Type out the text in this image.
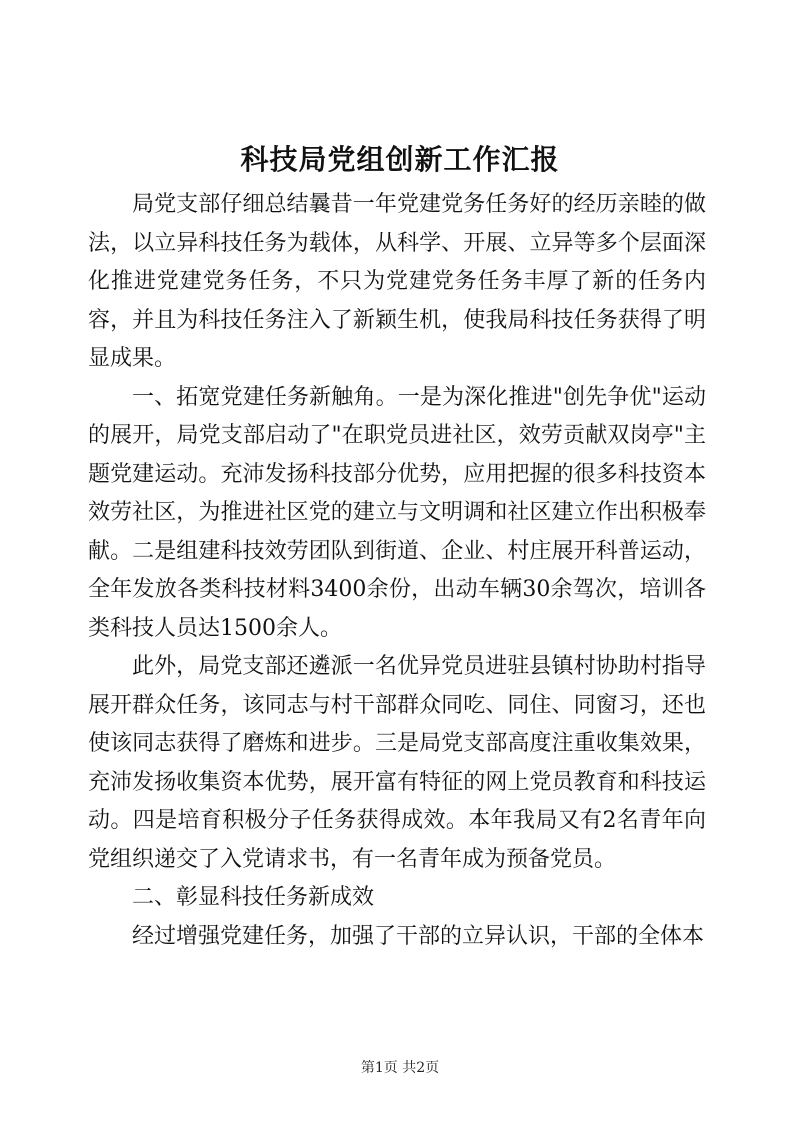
科技局党组创新工作汇报

局党支部仔细总结曩昔一年党建党务任务好的经历亲睦的做法，以立异科技任务为载体，从科学、开展、立异等多个层面深化推进党建党务任务，不只为党建党务任务丰厚了新的任务内容，并且为科技任务注入了新颖生机，使我局科技任务获得了明显成果。

一、拓宽党建任务新触角。一是为深化推进"创先争优"运动的展开，局党支部启动了"在职党员进社区，效劳贡献双岗亭"主题党建运动。充沛发扬科技部分优势，应用把握的很多科技资本效劳社区，为推进社区党的建立与文明调和社区建立作出积极奉献。二是组建科技效劳团队到街道、企业、村庄展开科普运动，全年发放各类科技材料3400余份，出动车辆30余驾次，培训各类科技人员达1500余人。

此外，局党支部还遴派一名优异党员进驻县镇村协助村指导展开群众任务，该同志与村干部群众同吃、同住、同窗习，还也使该同志获得了磨炼和进步。三是局党支部高度注重收集效果，充沛发扬收集资本优势，展开富有特征的网上党员教育和科技运动。四是培育积极分子任务获得成效。本年我局又有2名青年向党组织递交了入党请求书，有一名青年成为预备党员。

二、彰显科技任务新成效

经过增强党建任务，加强了干部的立异认识，干部的全体本

第1页 共2页
